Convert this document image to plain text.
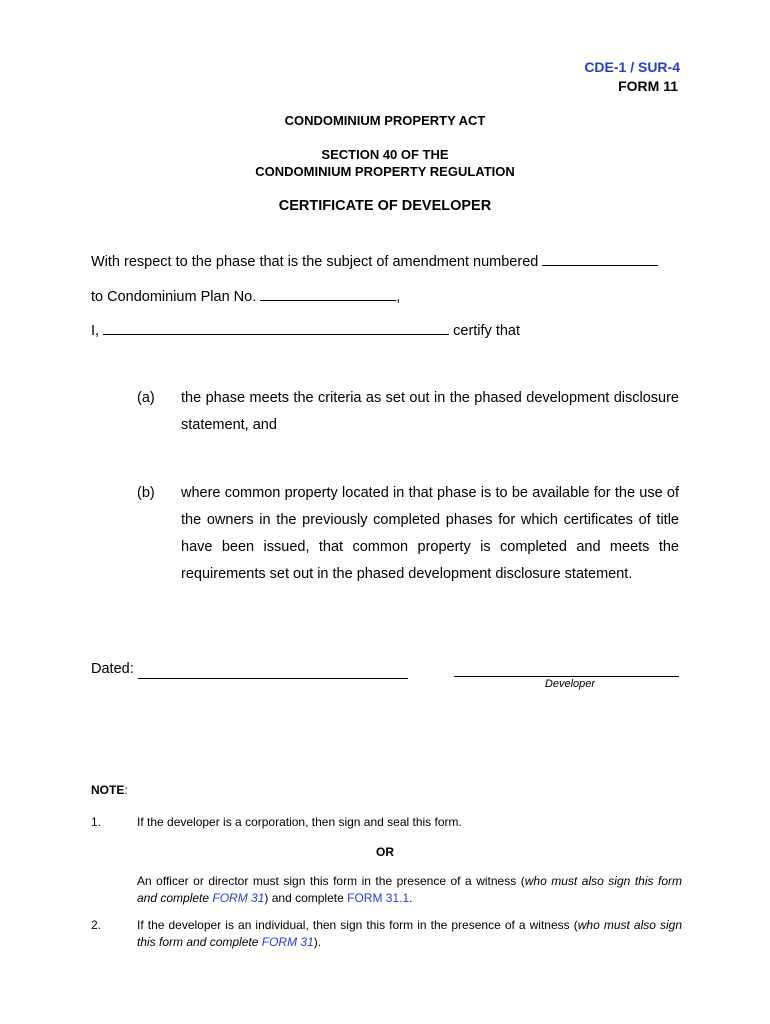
CDE-1 / SUR-4
FORM 11
CONDOMINIUM PROPERTY ACT
SECTION 40 OF THE
CONDOMINIUM PROPERTY REGULATION
CERTIFICATE OF DEVELOPER
With respect to the phase that is the subject of amendment numbered
to Condominium Plan No.	,
I,	certify that
(a) the phase meets the criteria as set out in the phased development disclosure statement, and
(b) where common property located in that phase is to be available for the use of the owners in the previously completed phases for which certificates of title have been issued, that common property is completed and meets the requirements set out in the phased development disclosure statement.
Dated:
Developer
NOTE:
1.	If the developer is a corporation, then sign and seal this form.
OR
An officer or director must sign this form in the presence of a witness (who must also sign this form and complete FORM 31) and complete FORM 31.1.
2.	If the developer is an individual, then sign this form in the presence of a witness (who must also sign this form and complete FORM 31).
